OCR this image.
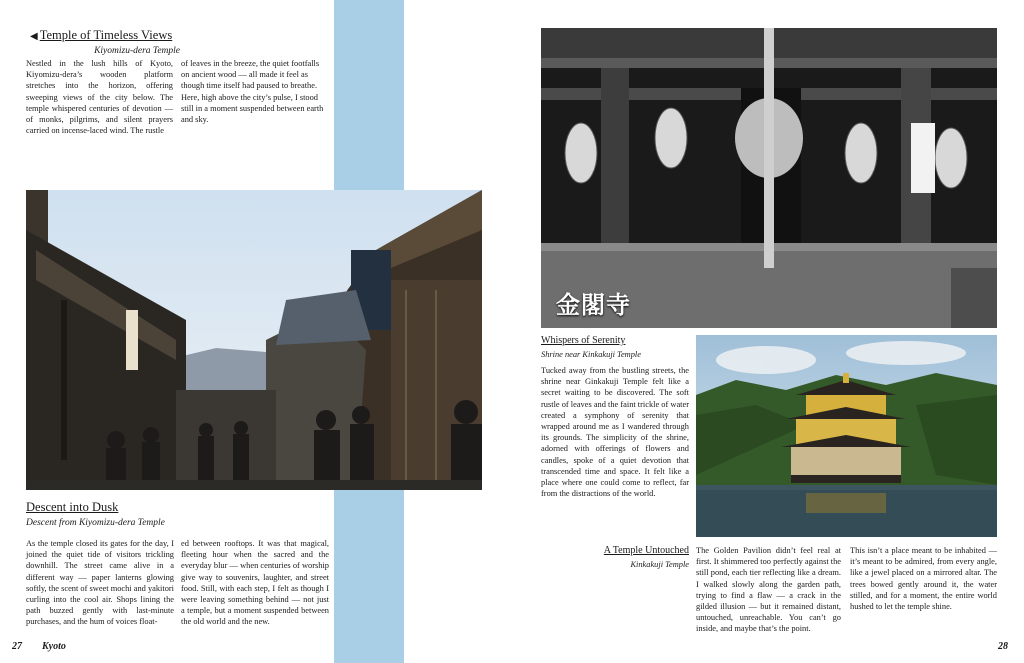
◀ Temple of Timeless Views
Kiyomizu-dera Temple

Nestled in the lush hills of Kyoto, Kiyomizu-dera’s wooden platform stretches into the horizon, offering sweeping views of the city below. The temple whispered centuries of devotion — of monks, pilgrims, and silent prayers carried on incense-laced wind. The rustle

of leaves in the breeze, the quiet footfalls on ancient wood — all made it feel as though time itself had paused to breathe. Here, high above the city’s pulse, I stood still in a moment suspended between earth and sky.

Descent into Dusk
Descent from Kiyomizu-dera Temple

As the temple closed its gates for the day, I joined the quiet tide of visitors trickling downhill. The street came alive in a different way — paper lanterns glowing softly, the scent of sweet mochi and yakitori curling into the cool air. Shops lining the path buzzed gently with last-minute purchases, and the hum of voices float-

ed between rooftops. It was that magical, fleeting hour when the sacred and the everyday blur — when centuries of worship give way to souvenirs, laughter, and street food. Still, with each step, I felt as though I were leaving something behind — not just a temple, but a moment suspended between the old world and the new.

金閣寺
Whispers of Serenity
Shrine near Kinkakuji Temple

Tucked away from the bustling streets, the shrine near Ginkakuji Temple felt like a secret waiting to be discovered. The soft rustle of leaves and the faint trickle of water created a symphony of serenity that wrapped around me as I wandered through its grounds. The simplicity of the shrine, adorned with offerings of flowers and candles, spoke of a quiet devotion that transcended time and space. It felt like a place where one could come to reflect, far from the distractions of the world.

A Temple Untouched
Kinkakuji Temple

The Golden Pavilion didn’t feel real at first. It shimmered too perfectly against the still pond, each tier reflecting like a dream. I walked slowly along the garden path, trying to find a flaw — a crack in the gilded illusion — but it remained distant, untouched, unreachable. You can’t go inside, and maybe that’s the point.

This isn’t a place meant to be inhabited — it’s meant to be admired, from every angle, like a jewel placed on a mirrored altar. The trees bowed gently around it, the water stilled, and for a moment, the entire world hushed to let the temple shine.

27 Kyoto	28
